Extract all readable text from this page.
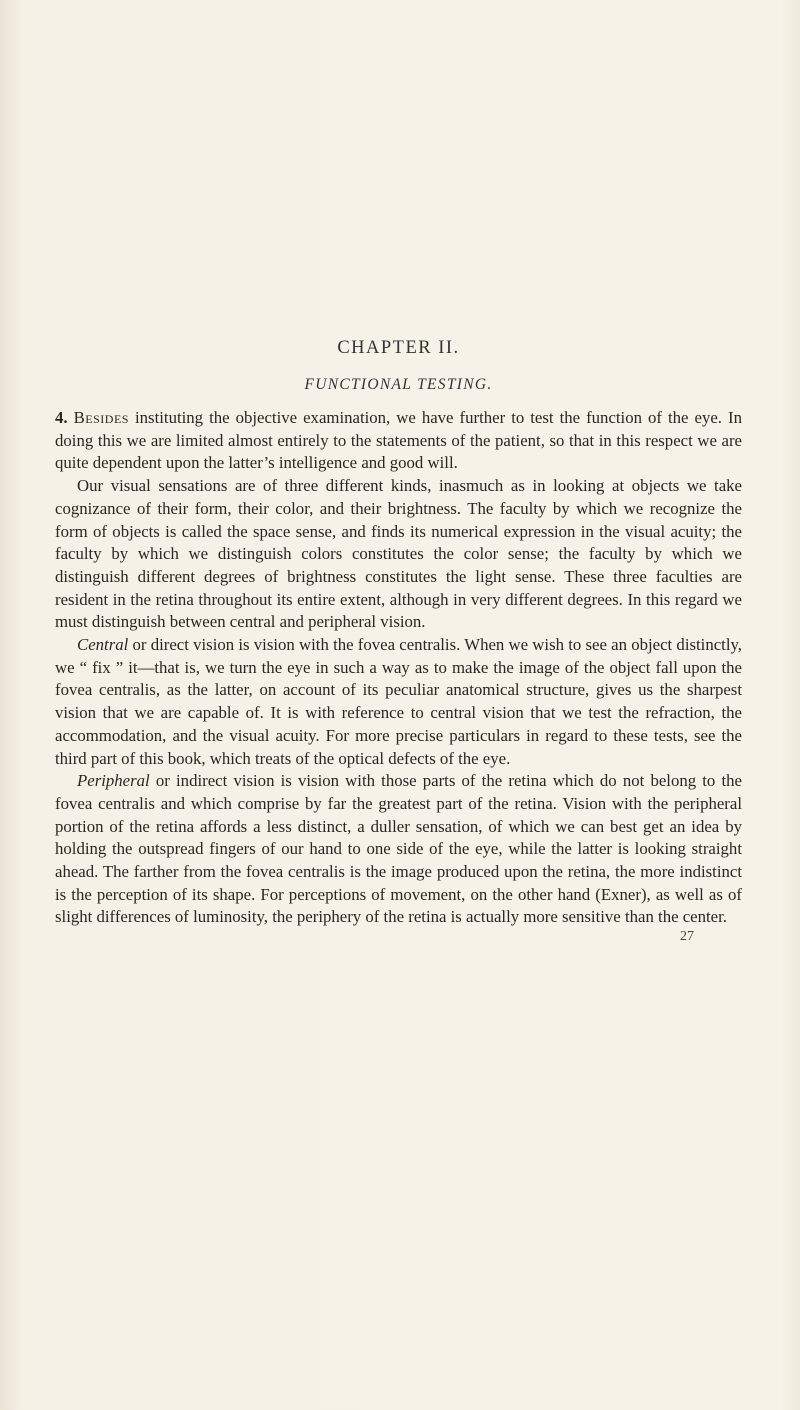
CHAPTER II.
FUNCTIONAL TESTING.

4. Besides instituting the objective examination, we have further to test the function of the eye. In doing this we are limited almost entirely to the statements of the patient, so that in this respect we are quite dependent upon the latter’s intelligence and good will.

Our visual sensations are of three different kinds, inasmuch as in looking at objects we take cognizance of their form, their color, and their brightness. The faculty by which we recognize the form of objects is called the space sense, and finds its numerical expression in the visual acuity; the faculty by which we distinguish colors constitutes the color sense; the faculty by which we distinguish different degrees of brightness constitutes the light sense. These three faculties are resident in the retina throughout its entire extent, although in very different degrees. In this regard we must distinguish between central and peripheral vision.

Central or direct vision is vision with the fovea centralis. When we wish to see an object distinctly, we “ fix ” it—that is, we turn the eye in such a way as to make the image of the object fall upon the fovea centralis, as the latter, on account of its peculiar anatomical structure, gives us the sharpest vision that we are capable of. It is with reference to central vision that we test the refraction, the accommodation, and the visual acuity. For more precise particulars in regard to these tests, see the third part of this book, which treats of the optical defects of the eye.

Peripheral or indirect vision is vision with those parts of the retina which do not belong to the fovea centralis and which comprise by far the greatest part of the retina. Vision with the peripheral portion of the retina affords a less distinct, a duller sensation, of which we can best get an idea by holding the outspread fingers of our hand to one side of the eye, while the latter is looking straight ahead. The farther from the fovea centralis is the image produced upon the retina, the more indistinct is the perception of its shape. For perceptions of movement, on the other hand (Exner), as well as of slight differences of luminosity, the periphery of the retina is actually more sensitive than the center.

27
